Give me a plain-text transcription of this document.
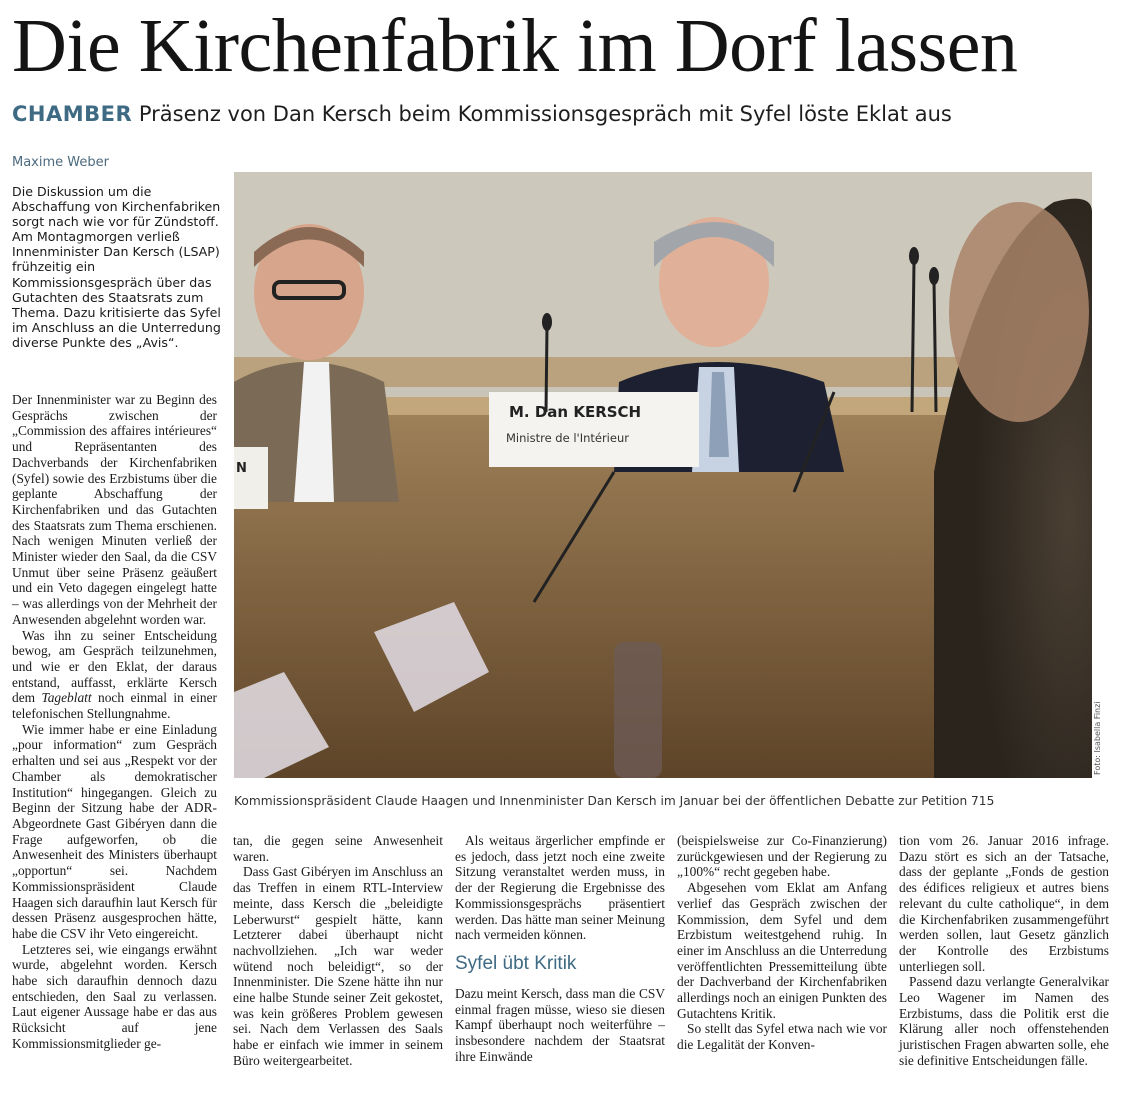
Die Kirchenfabrik im Dorf lassen
CHAMBER Präsenz von Dan Kersch beim Kommissionsgespräch mit Syfel löste Eklat aus
Maxime Weber

Die Diskussion um die Abschaffung von Kirchenfabriken sorgt nach wie vor für Zündstoff. Am Montagmorgen verließ Innenminister Dan Kersch (LSAP) frühzeitig ein Kommissionsgespräch über das Gutachten des Staatsrats zum Thema. Dazu kritisierte das Syfel im Anschluss an die Unterredung diverse Punkte des „Avis“.

M. Dan KERSCH
Ministre de l'Intérieur
N
Foto: Isabella Finzi
Kommissionspräsident Claude Haagen und Innenminister Dan Kersch im Januar bei der öffentlichen Debatte zur Petition 715

Der Innenminister war zu Beginn des Gesprächs zwischen der „Commission des affaires intérieures“ und Repräsentanten des Dachverbands der Kirchenfabriken (Syfel) sowie des Erzbistums über die geplante Abschaffung der Kirchenfabriken und das Gutachten des Staatsrats zum Thema erschienen. Nach wenigen Minuten verließ der Minister wieder den Saal, da die CSV Unmut über seine Präsenz geäußert und ein Veto dagegen eingelegt hatte – was allerdings von der Mehrheit der Anwesenden abgelehnt worden war.

Was ihn zu seiner Entscheidung bewog, am Gespräch teilzunehmen, und wie er den Eklat, der daraus entstand, auffasst, erklärte Kersch dem Tageblatt noch einmal in einer telefonischen Stellungnahme.

Wie immer habe er eine Einladung „pour information“ zum Gespräch erhalten und sei aus „Respekt vor der Chamber als demokratischer Institution“ hingegangen. Gleich zu Beginn der Sitzung habe der ADR-Abgeordnete Gast Gibéryen dann die Frage aufgeworfen, ob die Anwesenheit des Ministers überhaupt „opportun“ sei. Nachdem Kommissionspräsident Claude Haagen sich daraufhin laut Kersch für dessen Präsenz ausgesprochen hätte, habe die CSV ihr Veto eingereicht.

Letzteres sei, wie eingangs erwähnt wurde, abgelehnt worden. Kersch habe sich daraufhin dennoch dazu entschieden, den Saal zu verlassen. Laut eigener Aussage habe er das aus Rücksicht auf jene Kommissionsmitglieder ge-

tan, die gegen seine Anwesenheit waren.

Dass Gast Gibéryen im Anschluss an das Treffen in einem RTL-Interview meinte, dass Kersch die „beleidigte Leberwurst“ gespielt hätte, kann Letzterer dabei überhaupt nicht nachvollziehen. „Ich war weder wütend noch beleidigt“, so der Innenminister. Die Szene hätte ihn nur eine halbe Stunde seiner Zeit gekostet, was kein größeres Problem gewesen sei. Nach dem Verlassen des Saals habe er einfach wie immer in seinem Büro weitergearbeitet.

Als weitaus ärgerlicher empfinde er es jedoch, dass jetzt noch eine zweite Sitzung veranstaltet werden muss, in der der Regierung die Ergebnisse des Kommissionsgesprächs präsentiert werden. Das hätte man seiner Meinung nach vermeiden können.

Syfel übt Kritik

Dazu meint Kersch, dass man die CSV einmal fragen müsse, wieso sie diesen Kampf überhaupt noch weiterführe – insbesondere nachdem der Staatsrat ihre Einwände

(beispielsweise zur Co-Finanzierung) zurückgewiesen und der Regierung zu „100%“ recht gegeben habe.

Abgesehen vom Eklat am Anfang verlief das Gespräch zwischen der Kommission, dem Syfel und dem Erzbistum weitestgehend ruhig. In einer im Anschluss an die Unterredung veröffentlichten Pressemitteilung übte der Dachverband der Kirchenfabriken allerdings noch an einigen Punkten des Gutachtens Kritik.

So stellt das Syfel etwa nach wie vor die Legalität der Konven-

tion vom 26. Januar 2016 infrage. Dazu stört es sich an der Tatsache, dass der geplante „Fonds de gestion des édifices religieux et autres biens relevant du culte catholique“, in dem die Kirchenfabriken zusammengeführt werden sollen, laut Gesetz gänzlich der Kontrolle des Erzbistums unterliegen soll.

Passend dazu verlangte Generalvikar Leo Wagener im Namen des Erzbistums, dass die Politik erst die Klärung aller noch offenstehenden juristischen Fragen abwarten solle, ehe sie definitive Entscheidungen fälle.
